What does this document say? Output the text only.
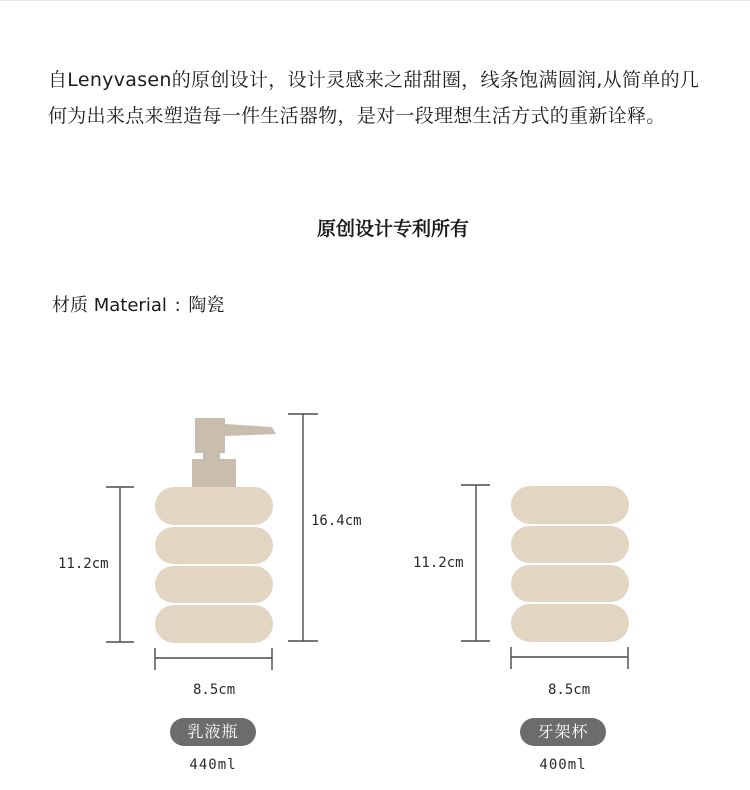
自Lenyvasen的原创设计，设计灵感来之甜甜圈，线条饱满圆润,从简单的几何为出来点来塑造每一件生活器物，是对一段理想生活方式的重新诠释。

原创设计专利所有

材质 Material : 陶瓷
11.2cm
16.4cm
8.5cm
乳液瓶
440ml
11.2cm
8.5cm
牙架杯
400ml
